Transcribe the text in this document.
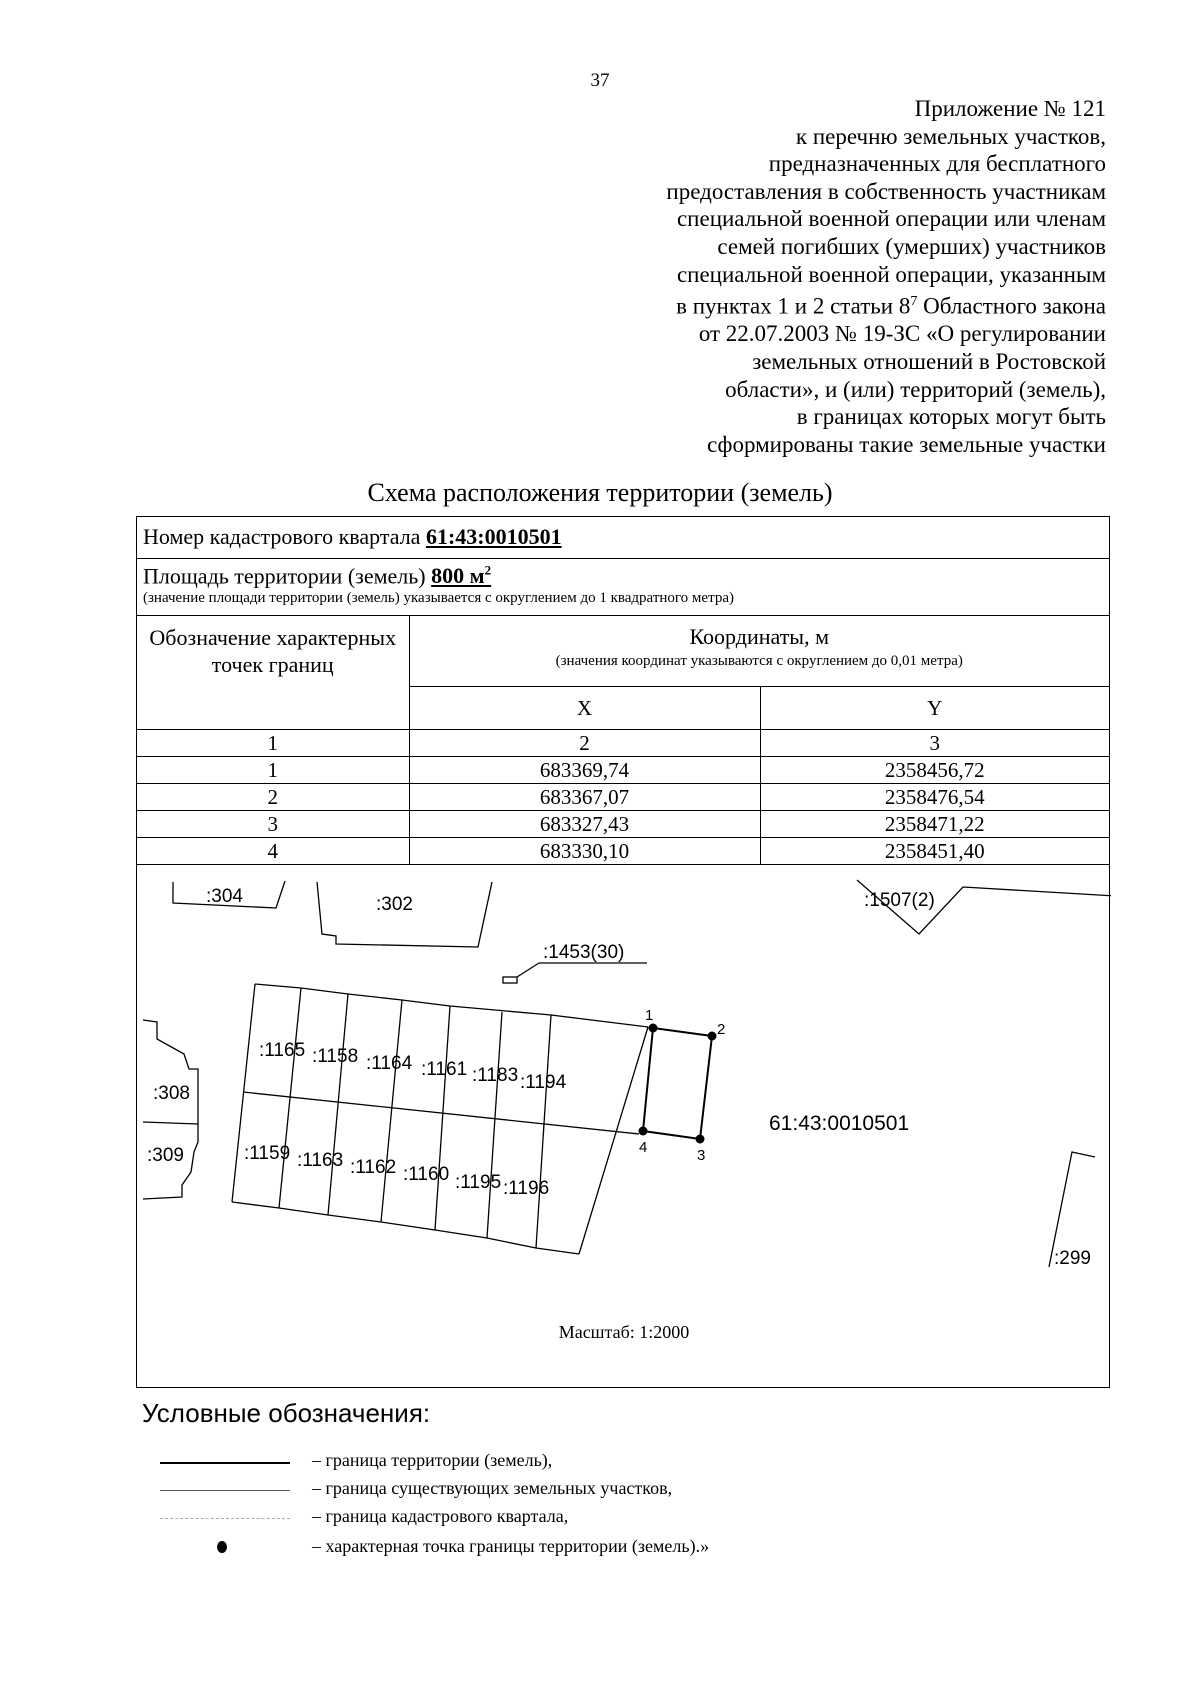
37
Приложение № 121
к перечню земельных участков,
предназначенных для бесплатного
предоставления в собственность участникам
специальной военной операции или членам
семей погибших (умерших) участников
специальной военной операции, указанным
в пунктах 1 и 2 статьи $8^7$ Областного закона
от 22.07.2003 № 19-ЗС «О регулировании
земельных отношений в Ростовской
области», и (или) территорий (земель),
в границах которых могут быть
сформированы такие земельные участки
Схема расположения территории (земель)
Номер кадастрового квартала 61:43:0010501
Площадь территории (земель) 800 $м^2$
(значение площади территории (земель) указывается с округлением до 1 квадратного метра)
Обозначение характерных точек границ	Координаты, м
(значения координат указываются с округлением до 0,01 метра)	

	X	Y
1	2	3
1	683369,74	2358456,72
2	683367,07	2358476,54
3	683327,43	2358471,22
4	683330,10	2358451,40
:304	:302
:1453(30)
:1507(2)
:308
:309
:299
:1165 :1158 :1164 :1161 :1183 :1194
:1159 :1163 :1162 :1160 :1195 :1196
61:43:0010501
1
2
3
4
Масштаб: 1:2000
Условные обозначения:
– граница территории (земель),
– граница существующих земельных участков,
– граница кадастрового квартала,
– характерная точка границы территории (земель).»
